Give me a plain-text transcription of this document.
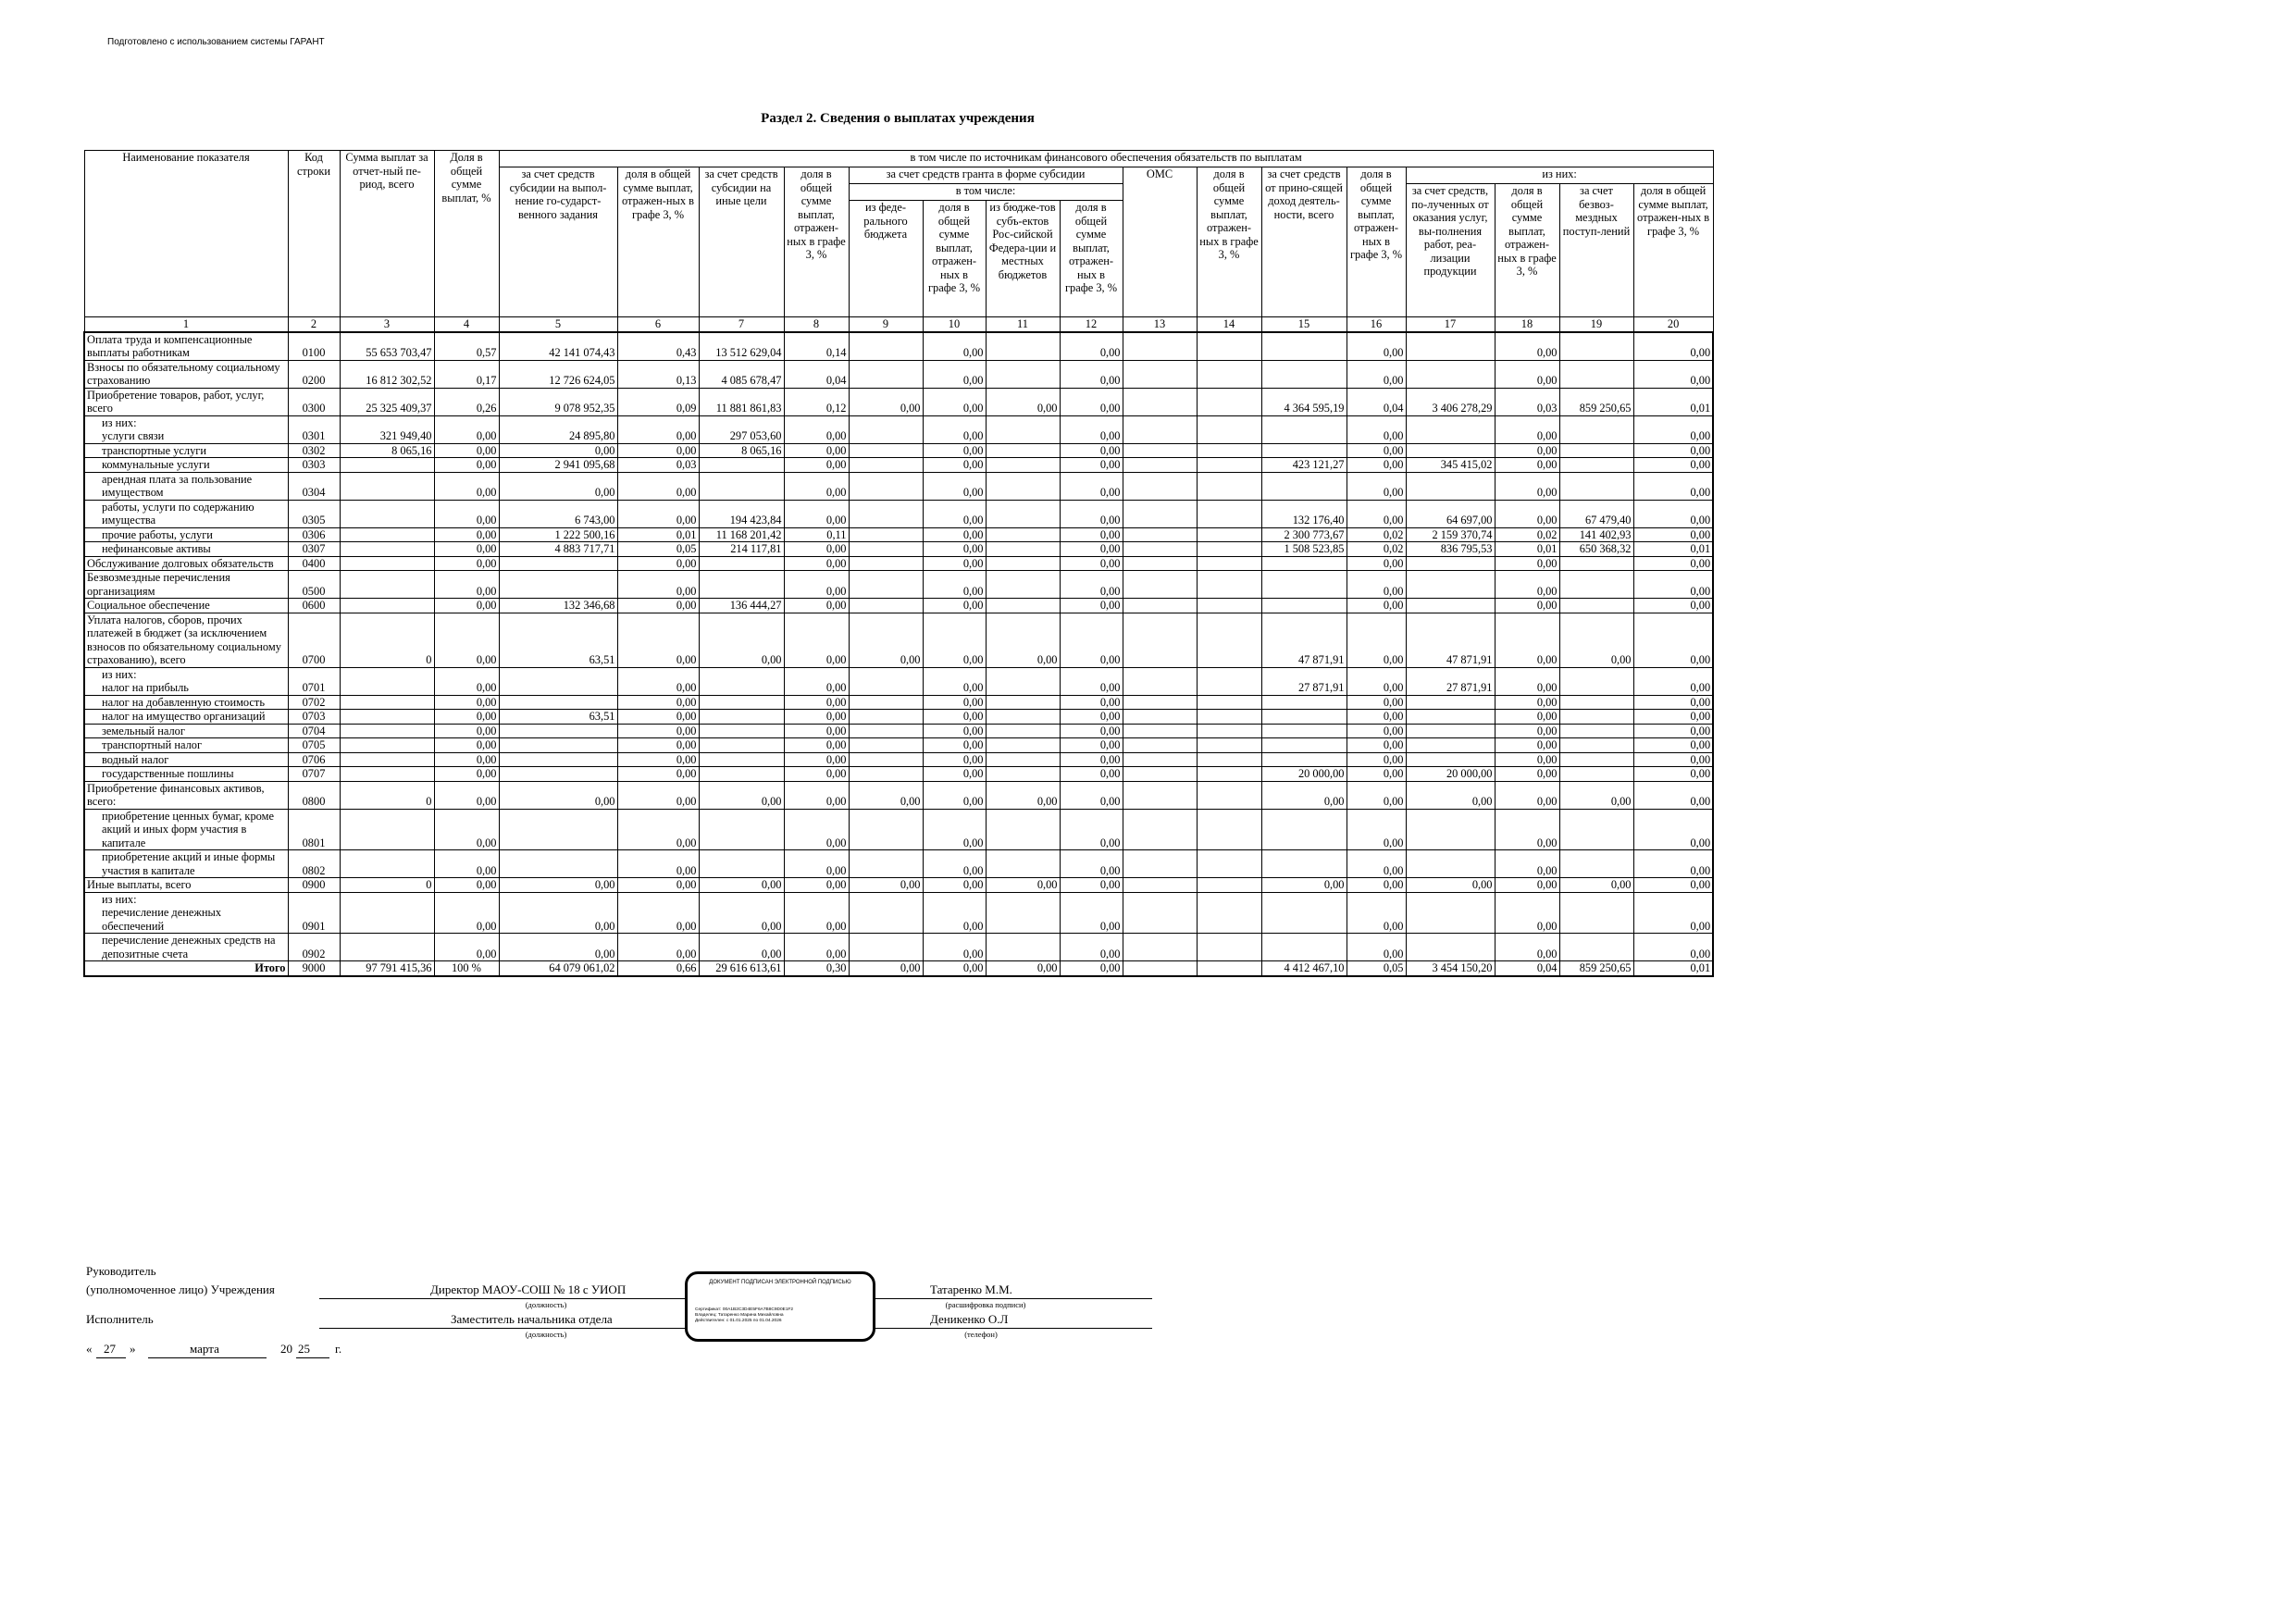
Подготовлено с использованием системы ГАРАНТ
Раздел 2. Сведения о выплатах учреждения
Наименование показателя	Код строки	Сумма выплат за отчет-ный пе-риод, всего	Доля в общей сумме выплат, %	в том числе по источникам финансового обеспечения обязательств по выплатам															
				за счет средств субсидии на выпол-нение го-сударст-венного задания	доля в общей сумме выплат, отражен-ных в графе 3, %	за счет средств субсидии на иные цели	доля в общей сумме выплат, отражен-ных в графе 3, %	за счет средств гранта в форме субсидии				ОМС	доля в общей сумме выплат, отражен-ных в графе 3, %	за счет средств от прино-сящей доход деятель-ности, всего	доля в общей сумме выплат, отражен-ных в графе 3, %	из них:			
								в том числе:								за счет средств, по-лученных от оказания услуг, вы-полнения работ, реа-лизации продукции	доля в общей сумме выплат, отражен-ных в графе 3, %	за счет безвоз-мездных поступ-лений	доля в общей сумме выплат, отражен-ных в графе 3, %
								из феде-рального бюджета	доля в общей сумме выплат, отражен-ных в графе 3, %	из бюдже-тов субъ-ектов Рос-сийской Федера-ции и местных бюджетов	доля в общей сумме выплат, отражен-ных в графе 3, %								
1	2	3	4	5	6	7	8	9	10	11	12	13	14	15	16	17	18	19	20
Оплата труда и компенсационные выплаты работникам	0100	55 653 703,47	0,57	42 141 074,43	0,43	13 512 629,04	0,14		0,00		0,00				0,00		0,00		0,00
Взносы по обязательному социальному страхованию	0200	16 812 302,52	0,17	12 726 624,05	0,13	4 085 678,47	0,04		0,00		0,00				0,00		0,00		0,00
Приобретение товаров, работ, услуг, всего	0300	25 325 409,37	0,26	9 078 952,35	0,09	11 881 861,83	0,12	0,00	0,00	0,00	0,00			4 364 595,19	0,04	3 406 278,29	0,03	859 250,65	0,01
из них:
услуги связи	0301	321 949,40	0,00	24 895,80	0,00	297 053,60	0,00		0,00		0,00				0,00		0,00		0,00
транспортные услуги	0302	8 065,16	0,00	0,00	0,00	8 065,16	0,00		0,00		0,00				0,00		0,00		0,00
коммунальные услуги	0303		0,00	2 941 095,68	0,03		0,00		0,00		0,00			423 121,27	0,00	345 415,02	0,00		0,00
арендная плата за пользование имуществом	0304		0,00	0,00	0,00		0,00		0,00		0,00				0,00		0,00		0,00
работы, услуги по содержанию имущества	0305		0,00	6 743,00	0,00	194 423,84	0,00		0,00		0,00			132 176,40	0,00	64 697,00	0,00	67 479,40	0,00
прочие работы, услуги	0306		0,00	1 222 500,16	0,01	11 168 201,42	0,11		0,00		0,00			2 300 773,67	0,02	2 159 370,74	0,02	141 402,93	0,00
нефинансовые активы	0307		0,00	4 883 717,71	0,05	214 117,81	0,00		0,00		0,00			1 508 523,85	0,02	836 795,53	0,01	650 368,32	0,01
Обслуживание долговых обязательств	0400		0,00		0,00		0,00		0,00		0,00				0,00		0,00		0,00
Безвозмездные перечисления организациям	0500		0,00		0,00		0,00		0,00		0,00				0,00		0,00		0,00
Социальное обеспечение	0600		0,00	132 346,68	0,00	136 444,27	0,00		0,00		0,00				0,00		0,00		0,00
Уплата налогов, сборов, прочих платежей в бюджет (за исключением взносов по обязательному социальному страхованию), всего	0700	0	0,00	63,51	0,00	0,00	0,00	0,00	0,00	0,00	0,00			47 871,91	0,00	47 871,91	0,00	0,00	0,00
из них:
налог на прибыль	0701		0,00		0,00		0,00		0,00		0,00			27 871,91	0,00	27 871,91	0,00		0,00
налог на добавленную стоимость	0702		0,00		0,00		0,00		0,00		0,00				0,00		0,00		0,00
налог на имущество организаций	0703		0,00	63,51	0,00		0,00		0,00		0,00				0,00		0,00		0,00
земельный налог	0704		0,00		0,00		0,00		0,00		0,00				0,00		0,00		0,00
транспортный налог	0705		0,00		0,00		0,00		0,00		0,00				0,00		0,00		0,00
водный налог	0706		0,00		0,00		0,00		0,00		0,00				0,00		0,00		0,00
государственные пошлины	0707		0,00		0,00		0,00		0,00		0,00			20 000,00	0,00	20 000,00	0,00		0,00
Приобретение финансовых активов, всего:	0800	0	0,00	0,00	0,00	0,00	0,00	0,00	0,00	0,00	0,00			0,00	0,00	0,00	0,00	0,00	0,00
приобретение ценных бумаг, кроме акций и иных форм участия в капитале	0801		0,00		0,00		0,00		0,00		0,00				0,00		0,00		0,00
приобретение акций и иные формы участия в капитале	0802		0,00		0,00		0,00		0,00		0,00				0,00		0,00		0,00
Иные выплаты, всего	0900	0	0,00	0,00	0,00	0,00	0,00	0,00	0,00	0,00	0,00			0,00	0,00	0,00	0,00	0,00	0,00
из них:
перечисление денежных обеспечений	0901		0,00	0,00	0,00	0,00	0,00		0,00		0,00				0,00		0,00		0,00
перечисление денежных средств на депозитные счета	0902		0,00	0,00	0,00	0,00	0,00		0,00		0,00				0,00		0,00		0,00
Итого	9000	97 791 415,36	100 %	64 079 061,02	0,66	29 616 613,61	0,30	0,00	0,00	0,00	0,00			4 412 467,10	0,05	3 454 150,20	0,04	859 250,65	0,01
Руководитель
(уполномоченное лицо) Учреждения	Директор МАОУ-СОШ № 18 с УИОП
(должность)
Татаренко М.М.
(расшифровка подписи)
Исполнитель	Заместитель начальника отдела
(должность)
Деникенко О.Л
(телефон)
« 27 »	марта	20 25 г.
ДОКУМЕНТ ПОДПИСАН ЭЛЕКТРОННОЙ ПОДПИСЬЮ
Сертификат: 00A1B2C3D4E5F6A7B8C9D0E1F2
Владелец: Татаренко Марина Михайловна
Действителен: с 01.01.2025 по 01.04.2026
